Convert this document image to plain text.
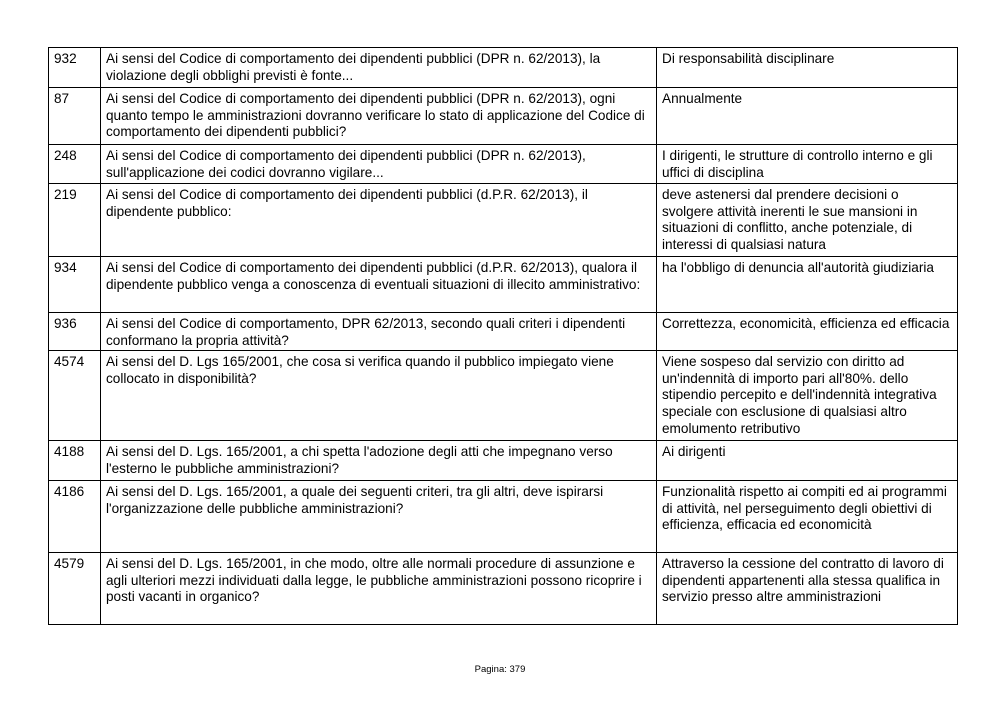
932	Ai sensi del Codice di comportamento dei dipendenti pubblici (DPR n. 62/2013), la violazione degli obblighi previsti è fonte...	Di responsabilità disciplinare
87	Ai sensi del Codice di comportamento dei dipendenti pubblici (DPR n. 62/2013), ogni quanto tempo le amministrazioni dovranno verificare lo stato di applicazione del Codice di comportamento dei dipendenti pubblici?	Annualmente
248	Ai sensi del Codice di comportamento dei dipendenti pubblici (DPR n. 62/2013), sull'applicazione dei codici dovranno vigilare...	I dirigenti, le strutture di controllo interno e gli uffici di disciplina
219	Ai sensi del Codice di comportamento dei dipendenti pubblici (d.P.R. 62/2013), il dipendente pubblico:	deve astenersi dal prendere decisioni o svolgere attività inerenti le sue mansioni in situazioni di conflitto, anche potenziale, di interessi di qualsiasi natura
934	Ai sensi del Codice di comportamento dei dipendenti pubblici (d.P.R. 62/2013), qualora il dipendente pubblico venga a conoscenza di eventuali situazioni di illecito amministrativo:	ha l'obbligo di denuncia all'autorità giudiziaria
936	Ai sensi del Codice di comportamento, DPR 62/2013, secondo quali criteri i dipendenti conformano la propria attività?	Correttezza, economicità, efficienza ed efficacia
4574	Ai sensi del D. Lgs 165/2001, che cosa si verifica quando il pubblico impiegato viene collocato in disponibilità?	Viene sospeso dal servizio con diritto ad un'indennità di importo pari all'80%. dello stipendio percepito e dell'indennità integrativa speciale con esclusione di qualsiasi altro emolumento retributivo
4188	Ai sensi del D. Lgs. 165/2001, a chi spetta l'adozione degli atti che impegnano verso l'esterno le pubbliche amministrazioni?	Ai dirigenti
4186	Ai sensi del D. Lgs. 165/2001, a quale dei seguenti criteri, tra gli altri, deve ispirarsi l'organizzazione delle pubbliche amministrazioni?	Funzionalità rispetto ai compiti ed ai programmi di attività, nel perseguimento degli obiettivi di efficienza, efficacia ed economicità
4579	Ai sensi del D. Lgs. 165/2001, in che modo, oltre alle normali procedure di assunzione e agli ulteriori mezzi individuati dalla legge, le pubbliche amministrazioni possono ricoprire i posti vacanti in organico?	Attraverso la cessione del contratto di lavoro di dipendenti appartenenti alla stessa qualifica in servizio presso altre amministrazioni
Pagina: 379
